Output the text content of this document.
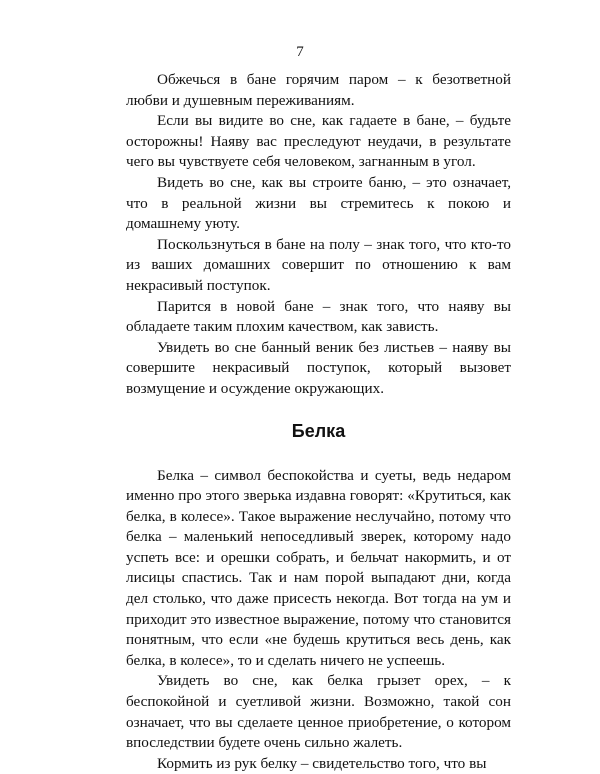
7

Обжечься в бане горячим паром – к безответной любви и душевным переживаниям.

Если вы видите во сне, как гадаете в бане, – будьте осторожны! Наяву вас преследуют неудачи, в результате чего вы чувствуете себя человеком, загнанным в угол.

Видеть во сне, как вы строите баню, – это означает, что в реальной жизни вы стремитесь к покою и домашнему уюту.

Поскользнуться в бане на полу – знак того, что кто-то из ваших домашних совершит по отношению к вам некрасивый поступок.

Парится в новой бане – знак того, что наяву вы обладаете таким плохим качеством, как зависть.

Увидеть во сне банный веник без листьев – наяву вы совершите некрасивый поступок, который вызовет возмущение и осуждение окружающих.

Белка

Белка – символ беспокойства и суеты, ведь недаром именно про этого зверька издавна говорят: «Крутиться, как белка, в колесе». Такое выражение неслучайно, потому что белка – маленький непоседливый зверек, которому надо успеть все: и орешки собрать, и бельчат накормить, и от лисицы спастись. Так и нам порой выпадают дни, когда дел столько, что даже присесть некогда. Вот тогда на ум и приходит это известное выражение, потому что становится понятным, что если «не будешь крутиться весь день, как белка, в колесе», то и сделать ничего не успеешь.

Увидеть во сне, как белка грызет орех, – к беспокойной и суетливой жизни. Возможно, такой сон означает, что вы сделаете ценное приобретение, о котором впоследствии будете очень сильно жалеть.

Кормить из рук белку – свидетельство того, что вы
